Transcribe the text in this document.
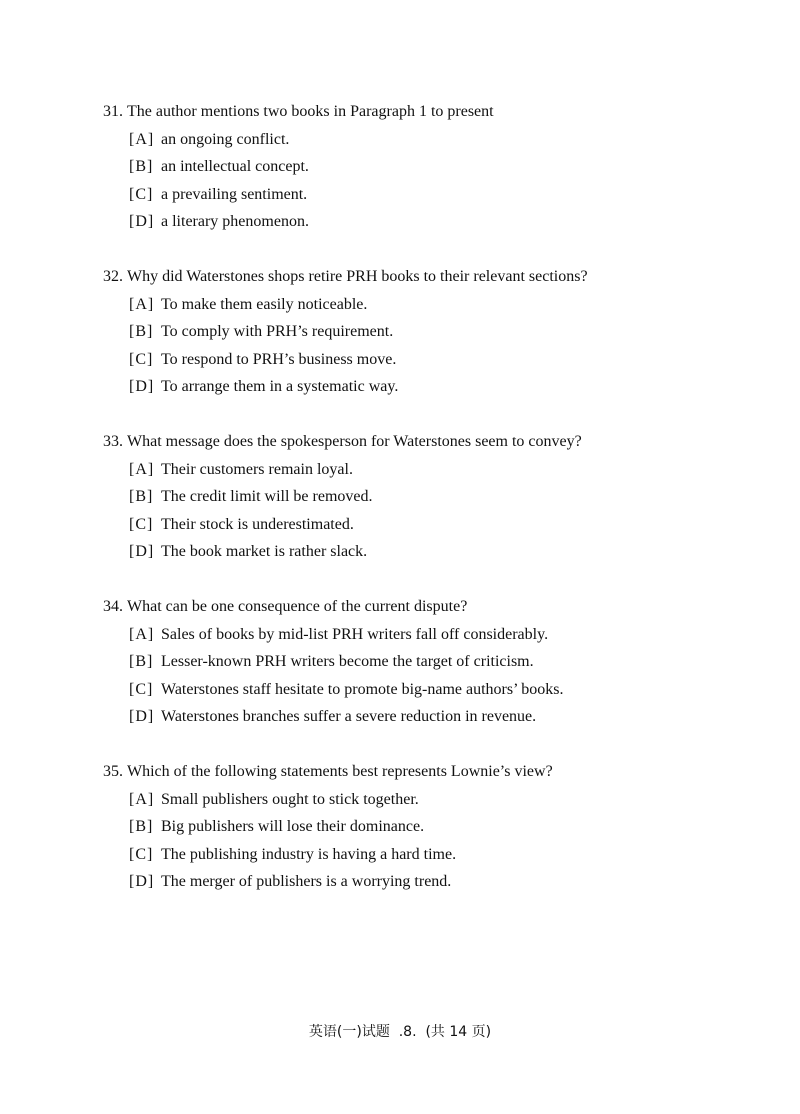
31. The author mentions two books in Paragraph 1 to present
[A] an ongoing conflict.
[B] an intellectual concept.
[C] a prevailing sentiment.
[D] a literary phenomenon.
32. Why did Waterstones shops retire PRH books to their relevant sections?
[A] To make them easily noticeable.
[B] To comply with PRH’s requirement.
[C] To respond to PRH’s business move.
[D] To arrange them in a systematic way.
33. What message does the spokesperson for Waterstones seem to convey?
[A] Their customers remain loyal.
[B] The credit limit will be removed.
[C] Their stock is underestimated.
[D] The book market is rather slack.
34. What can be one consequence of the current dispute?
[A] Sales of books by mid-list PRH writers fall off considerably.
[B] Lesser-known PRH writers become the target of criticism.
[C] Waterstones staff hesitate to promote big-name authors’ books.
[D] Waterstones branches suffer a severe reduction in revenue.
35. Which of the following statements best represents Lownie’s view?
[A] Small publishers ought to stick together.
[B] Big publishers will lose their dominance.
[C] The publishing industry is having a hard time.
[D] The merger of publishers is a worrying trend.
英语(一)试题  .8.  (共 14 页)
